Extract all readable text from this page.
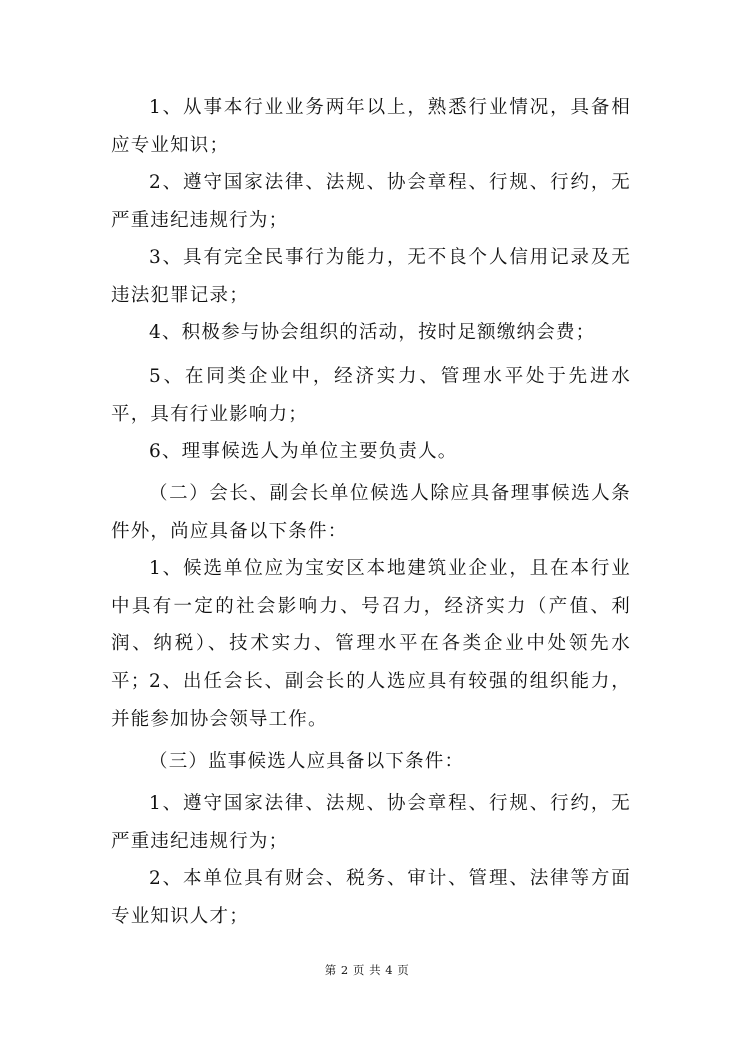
1、从事本行业业务两年以上，熟悉行业情况，具备相应专业知识；

2、遵守国家法律、法规、协会章程、行规、行约，无严重违纪违规行为；

3、具有完全民事行为能力，无不良个人信用记录及无违法犯罪记录；

4、积极参与协会组织的活动，按时足额缴纳会费；

5、在同类企业中，经济实力、管理水平处于先进水平，具有行业影响力；

6、理事候选人为单位主要负责人。

（二）会长、副会长单位候选人除应具备理事候选人条件外，尚应具备以下条件：

1、候选单位应为宝安区本地建筑业企业，且在本行业中具有一定的社会影响力、号召力，经济实力（产值、利润、纳税）、技术实力、管理水平在各类企业中处领先水平；

2、出任会长、副会长的人选应具有较强的组织能力，并能参加协会领导工作。

（三）监事候选人应具备以下条件：

1、遵守国家法律、法规、协会章程、行规、行约，无严重违纪违规行为；

2、本单位具有财会、税务、审计、管理、法律等方面专业知识人才；

第 2 页 共 4 页
